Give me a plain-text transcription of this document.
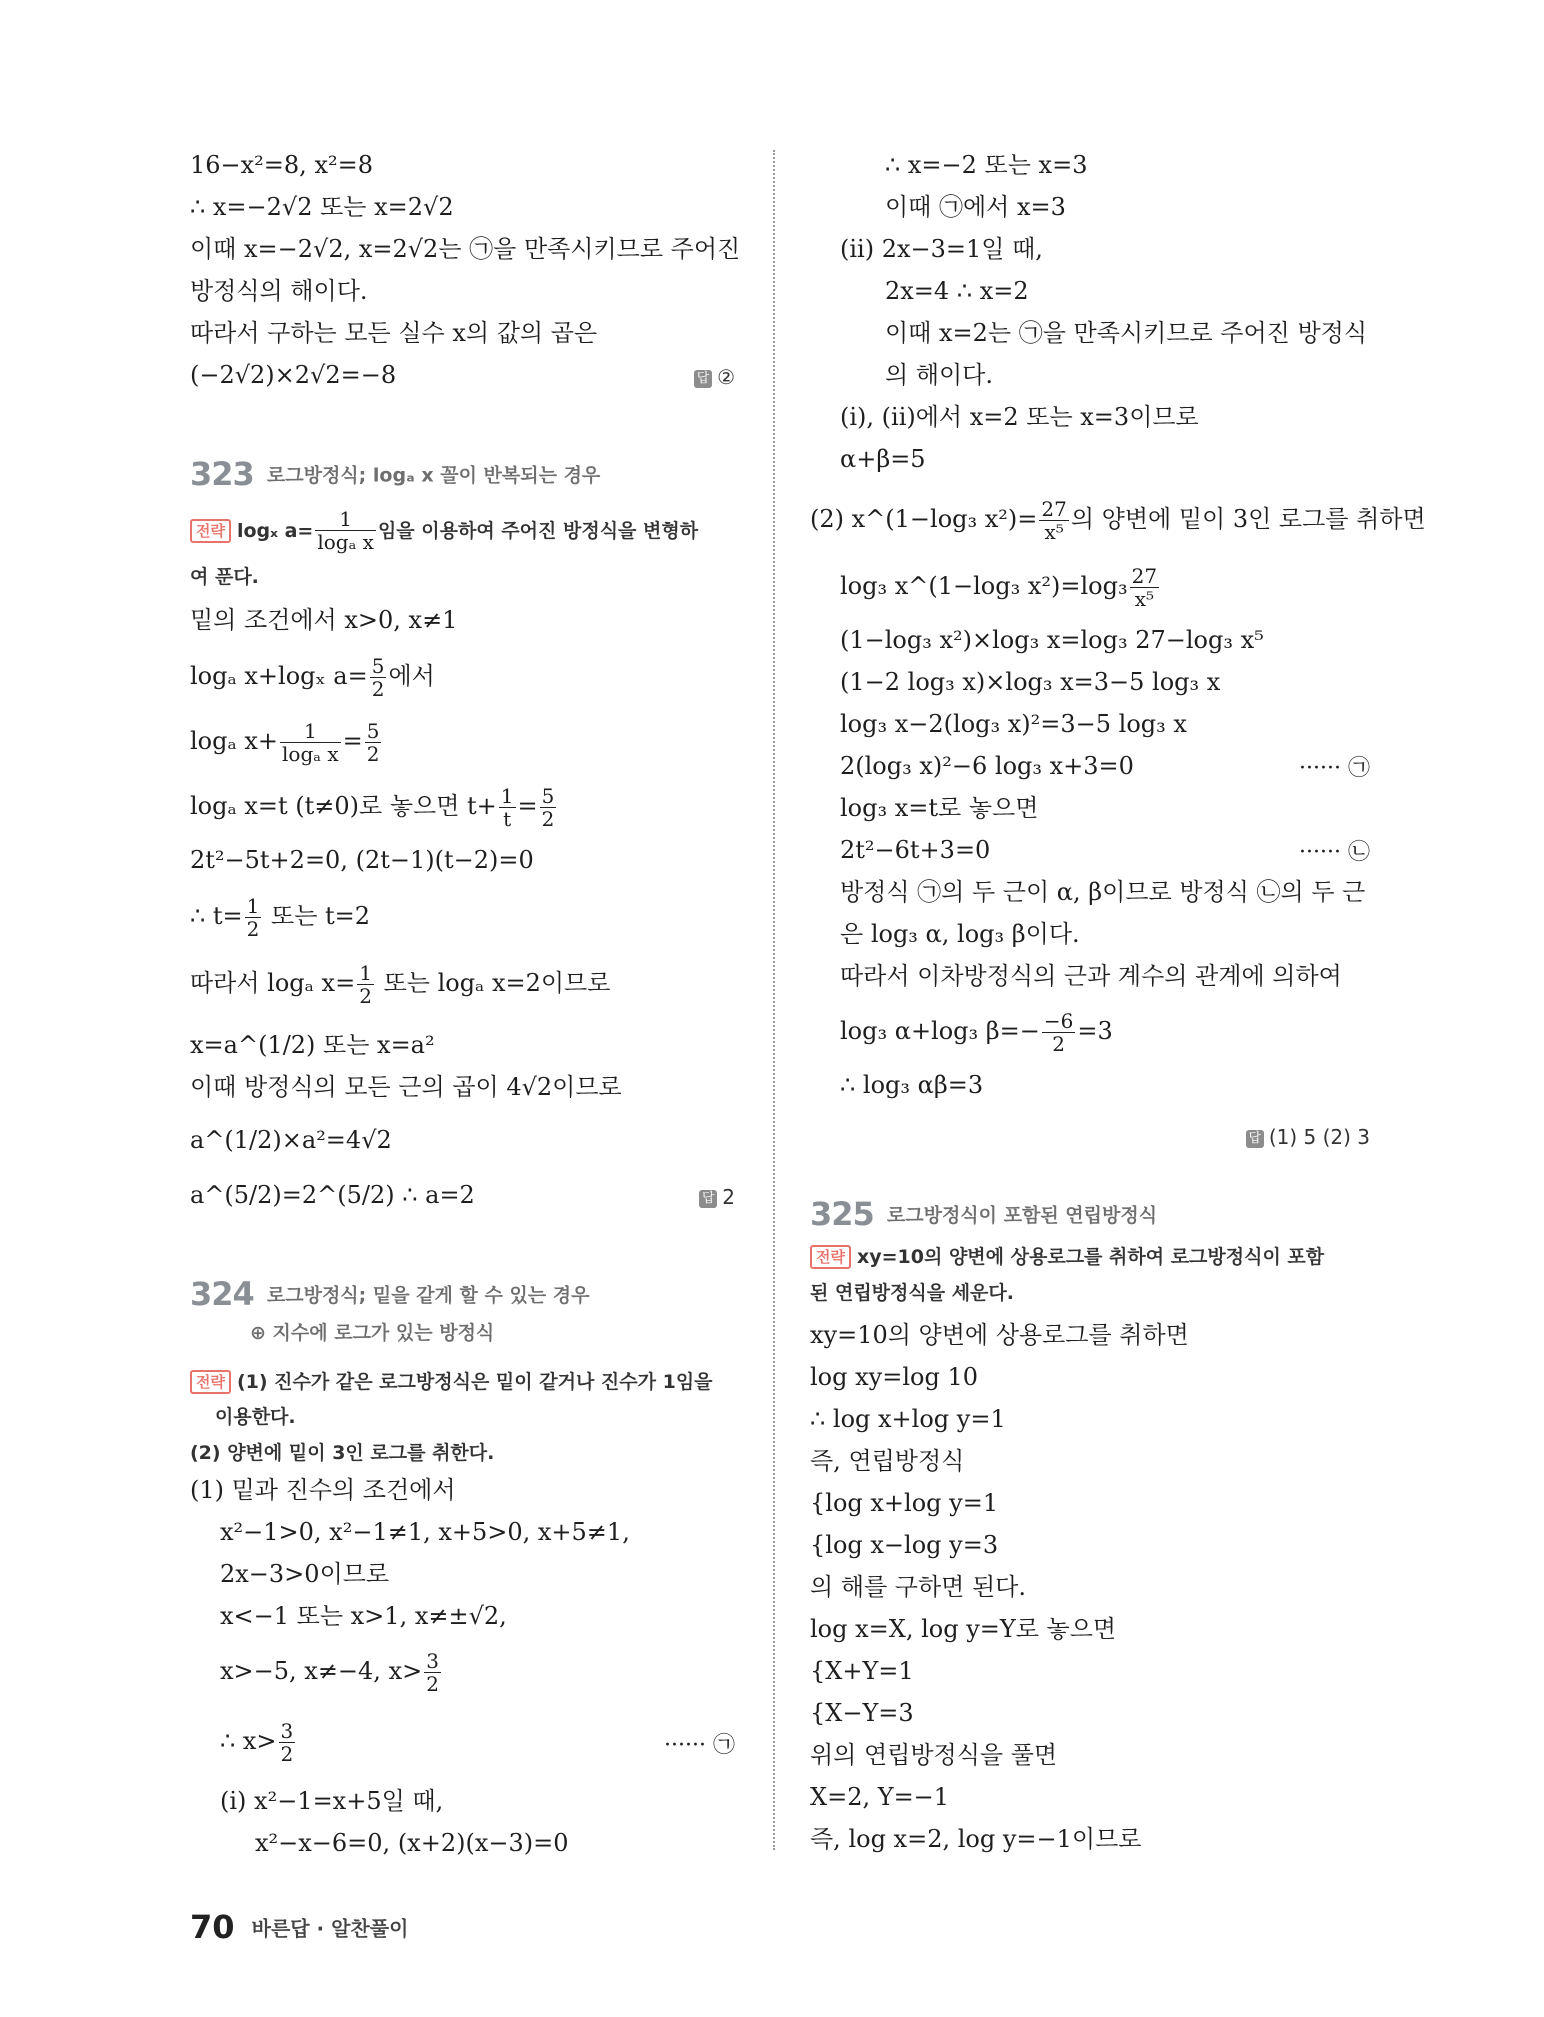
16−x²=8, x²=8
∴ x=−2√2 또는 x=2√2
이때 x=−2√2, x=2√2는 ㉠을 만족시키므로 주어진
방정식의 해이다.
따라서 구하는 모든 실수 x의 값의 곱은
(−2√2)×2√2=−8	답 ②
323 로그방정식; logₐ x 꼴이 반복되는 경우
전략 logₓ $a= \frac{1}{\text{logₐ x}}$ 임을 이용하여 주어진 방정식을 변형하
여 푼다.
밑의 조건에서 x>0, x≠1
logₐ x+logₓ $a= \frac{5}{2}$ 에서
logₐ $x+ \frac{1}{\text{logₐ x}} = \frac{5}{2}$
logₐ x=t (t≠0)로 놓으면 $t+ \frac{1}{t} = \frac{5}{2}$
2t²−5t+2=0, (2t−1)(t−2)=0
∴ $t= \frac{1}{2}$ 또는 t=2
따라서 logₐ $x= \frac{1}{2}$ 또는 logₐ x=2이므로
x=a^(1/2) 또는 x=a²
이때 방정식의 모든 근의 곱이 4√2이므로
a^(1/2)×a²=4√2
a^(5/2)=2^(5/2) ∴ a=2	답 2
324 로그방정식; 밑을 같게 할 수 있는 경우
⊕ 지수에 로그가 있는 방정식
전략 (1) 진수가 같은 로그방정식은 밑이 같거나 진수가 1임을
이용한다.
(2) 양변에 밑이 3인 로그를 취한다.
(1) 밑과 진수의 조건에서
x²−1>0, x²−1≠1, x+5>0, x+5≠1,
2x−3>0이므로
x<−1 또는 x>1, x≠±√2,
x>−5, x≠−4, $x> \frac{3}{2}$
∴ $x> \frac{3}{2}$	······ ㉠
(i) x²−1=x+5일 때,
x²−x−6=0, (x+2)(x−3)=0
∴ x=−2 또는 x=3
이때 ㉠에서 x=3
(ii) 2x−3=1일 때,
2x=4 ∴ x=2
이때 x=2는 ㉠을 만족시키므로 주어진 방정식
의 해이다.
(i), (ii)에서 x=2 또는 x=3이므로
α+β=5
(2) x^(1−log₃ $x^2)= \frac{27}{\text{x⁵}}$ 의 양변에 밑이 3인 로그를 취하면
log₃ x^(1−log₃ $x^2)=\log_3 \frac{27}{\text{x⁵}}$
(1−log₃ x²)×log₃ x=log₃ 27−log₃ x⁵
(1−2 log₃ x)×log₃ x=3−5 log₃ x
log₃ x−2(log₃ x)²=3−5 log₃ x
2(log₃ x)²−6 log₃ x+3=0	······ ㉠
log₃ x=t로 놓으면
2t²−6t+3=0	······ ㉡
방정식 ㉠의 두 근이 α, β이므로 방정식 ㉡의 두 근
은 log₃ α, log₃ β이다.
따라서 이차방정식의 근과 계수의 관계에 의하여
log₃ α+log₃ $\beta=- \frac{-6}{2} =3$
∴ log₃ αβ=3
답 (1) 5 (2) 3
325 로그방정식이 포함된 연립방정식
전략 xy=10의 양변에 상용로그를 취하여 로그방정식이 포함
된 연립방정식을 세운다.
xy=10의 양변에 상용로그를 취하면
log xy=log 10
∴ log x+log y=1
즉, 연립방정식
{log x+log y=1
{log x−log y=3
의 해를 구하면 된다.
log x=X, log y=Y로 놓으면
{X+Y=1
{X−Y=3
위의 연립방정식을 풀면
X=2, Y=−1
즉, log x=2, log y=−1이므로
70 바른답 · 알찬풀이
